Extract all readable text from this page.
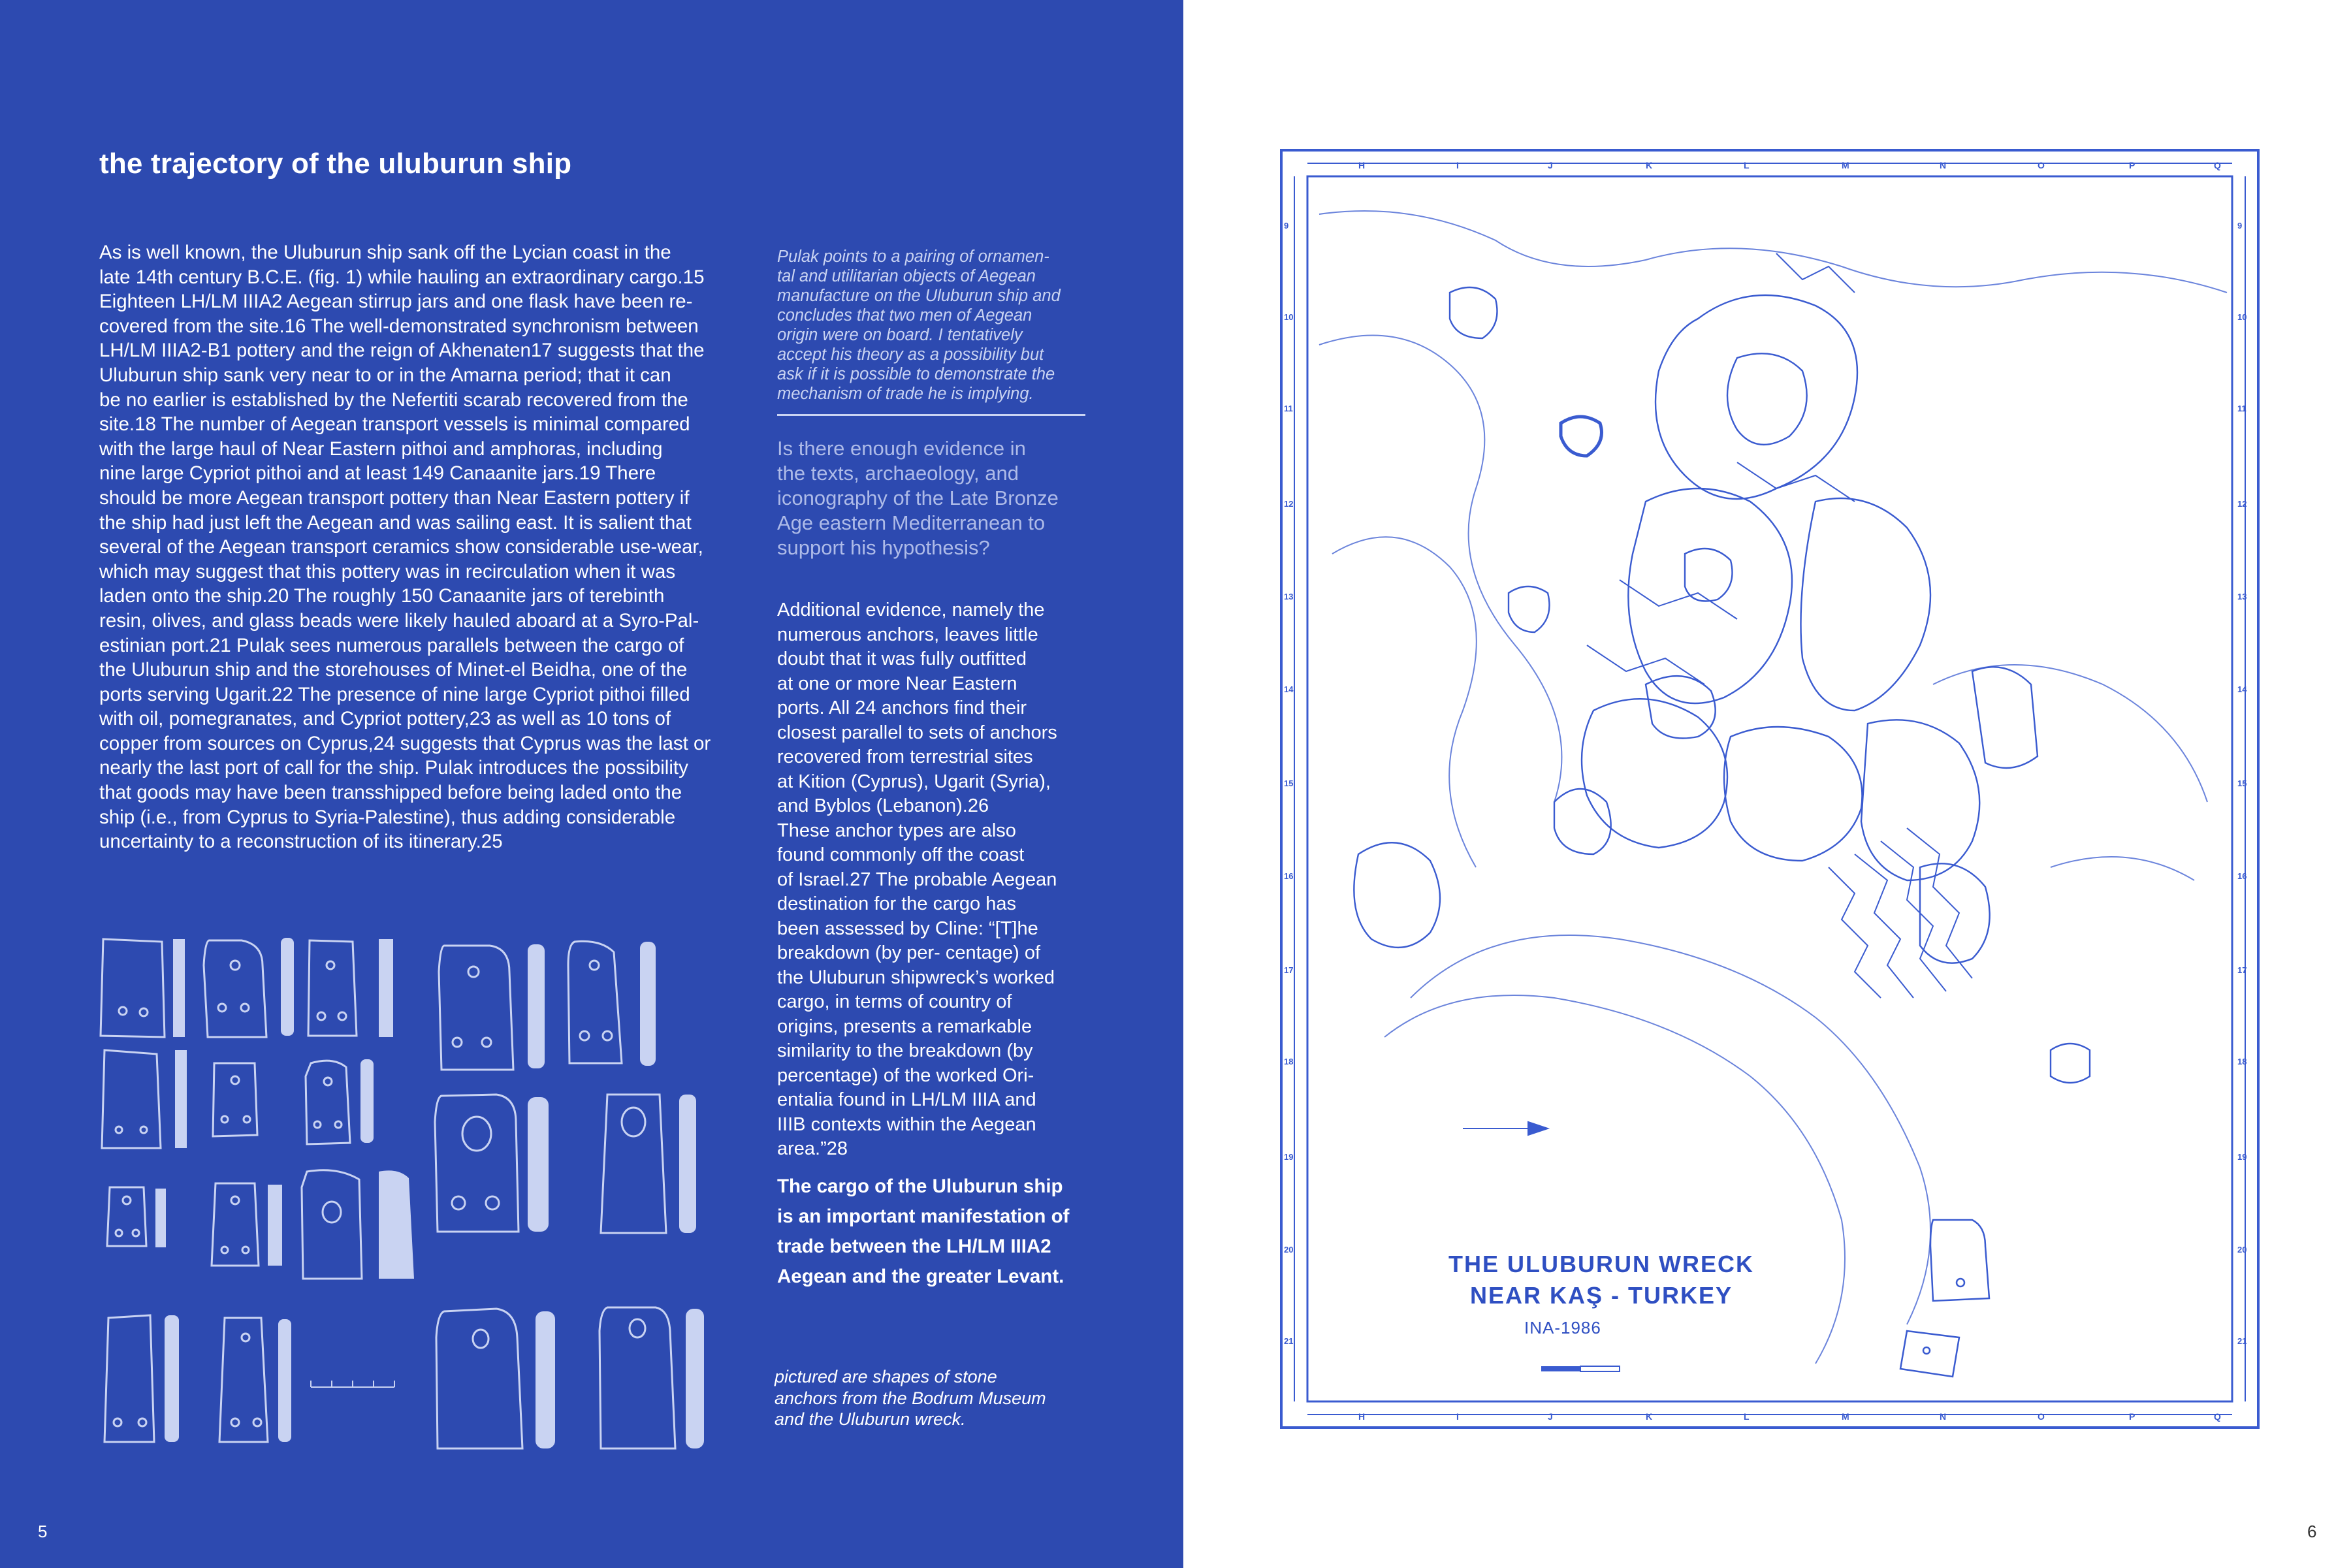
the trajectory of the uluburun ship

As is well known, the Uluburun ship sank off the Lycian coast in the
late 14th century B.C.E. (fig. 1) while hauling an extraordinary cargo.15
Eighteen LH/LM IIIA2 Aegean stirrup jars and one flask have been re-
covered from the site.16 The well-demonstrated synchronism between
LH/LM IIIA2-B1 pottery and the reign of Akhenaten17 suggests that the
Uluburun ship sank very near to or in the Amarna period; that it can
be no earlier is established by the Nefertiti scarab recovered from the
site.18 The number of Aegean transport vessels is minimal compared
with the large haul of Near Eastern pithoi and amphoras, including
nine large Cypriot pithoi and at least 149 Canaanite jars.19 There
should be more Aegean transport pottery than Near Eastern pottery if
the ship had just left the Aegean and was sailing east. It is salient that
several of the Aegean transport ceramics show considerable use-wear,
which may suggest that this pottery was in recirculation when it was
laden onto the ship.20 The roughly 150 Canaanite jars of terebinth
resin, olives, and glass beads were likely hauled aboard at a Syro-Pal-
estinian port.21 Pulak sees numerous parallels between the cargo of
the Uluburun ship and the storehouses of Minet-el Beidha, one of the
ports serving Ugarit.22 The presence of nine large Cypriot pithoi filled
with oil, pomegranates, and Cypriot pottery,23 as well as 10 tons of
copper from sources on Cyprus,24 suggests that Cyprus was the last or
nearly the last port of call for the ship. Pulak introduces the possibility
that goods may have been transshipped before being laded onto the
ship (i.e., from Cyprus to Syria-Palestine), thus adding considerable
uncertainty to a reconstruction of its itinerary.25

Pulak points to a pairing of ornamen-
tal and utilitarian objects of Aegean
manufacture on the Uluburun ship and
concludes that two men of Aegean
origin were on board. I tentatively
accept his theory as a possibility but
ask if it is possible to demonstrate the
mechanism of trade he is implying.

Is there enough evidence in
the texts, archaeology, and
iconography of the Late Bronze
Age eastern Mediterranean to
support his hypothesis?

Additional evidence, namely the
numerous anchors, leaves little
doubt that it was fully outfitted
at one or more Near Eastern
ports. All 24 anchors find their
closest parallel to sets of anchors
recovered from terrestrial sites
at Kition (Cyprus), Ugarit (Syria),
and Byblos (Lebanon).26
These anchor types are also
found commonly off the coast
of Israel.27 The probable Aegean
destination for the cargo has
been assessed by Cline: “[T]he
breakdown (by per- centage) of
the Uluburun shipwreck’s worked
cargo, in terms of country of
origins, presents a remarkable
similarity to the breakdown (by
percentage) of the worked Ori-
entalia found in LH/LM IIIA and
IIIB contexts within the Aegean
area.”28

The cargo of the Uluburun ship
is an important manifestation of
trade between the LH/LM IIIA2
Aegean and the greater Levant.

pictured are shapes of stone
anchors from the Bodrum Museum
and the Uluburun wreck.

5
H	I	J	K	L	M	N	O	P	Q
H	I	J	K	L	M	N	O	P	Q
9
10
11
12
13
14
15
16
17
18
19
20
21
9
10
11
12
13
14
15
16
17
18
19
20
21

THE ULUBURUN WRECK
NEAR KAŞ - TURKEY

INA-1986
6
